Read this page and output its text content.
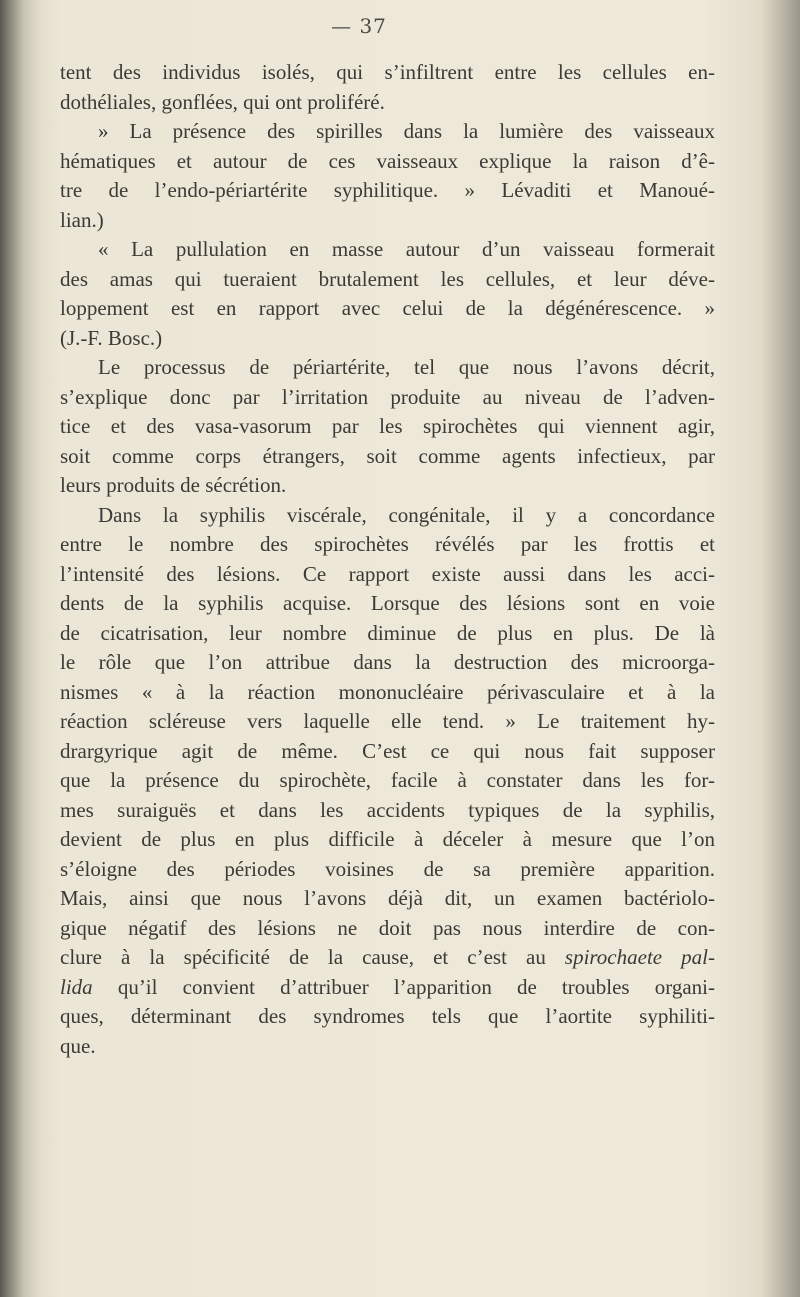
— 37
tent des individus isolés, qui s’infiltrent entre les cellules en-
dothéliales, gonflées, qui ont proliféré.
» La présence des spirilles dans la lumière des vaisseaux
hématiques et autour de ces vaisseaux explique la raison d’ê-
tre de l’endo-périartérite syphilitique. » Lévaditi et Manoué-
lian.)
« La pullulation en masse autour d’un vaisseau formerait
des amas qui tueraient brutalement les cellules, et leur déve-
loppement est en rapport avec celui de la dégénérescence. »
(J.-F. Bosc.)
Le processus de périartérite, tel que nous l’avons décrit,
s’explique donc par l’irritation produite au niveau de l’adven-
tice et des vasa-vasorum par les spirochètes qui viennent agir,
soit comme corps étrangers, soit comme agents infectieux, par
leurs produits de sécrétion.
Dans la syphilis viscérale, congénitale, il y a concordance
entre le nombre des spirochètes révélés par les frottis et
l’intensité des lésions. Ce rapport existe aussi dans les acci-
dents de la syphilis acquise. Lorsque des lésions sont en voie
de cicatrisation, leur nombre diminue de plus en plus. De là
le rôle que l’on attribue dans la destruction des microorga-
nismes « à la réaction mononucléaire périvasculaire et à la
réaction scléreuse vers laquelle elle tend. » Le traitement hy-
drargyrique agit de même. C’est ce qui nous fait supposer
que la présence du spirochète, facile à constater dans les for-
mes suraiguës et dans les accidents typiques de la syphilis,
devient de plus en plus difficile à déceler à mesure que l’on
s’éloigne des périodes voisines de sa première apparition.
Mais, ainsi que nous l’avons déjà dit, un examen bactériolo-
gique négatif des lésions ne doit pas nous interdire de con-
clure à la spécificité de la cause, et c’est au spirochaete pal-
lida qu’il convient d’attribuer l’apparition de troubles organi-
ques, déterminant des syndromes tels que l’aortite syphiliti-
que.
